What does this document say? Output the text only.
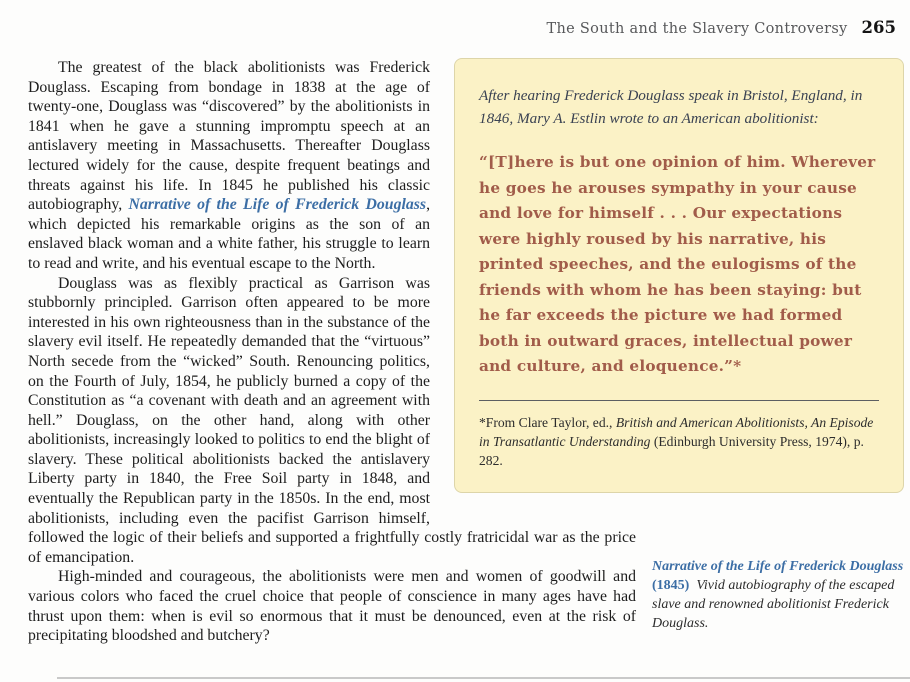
The South and the Slavery Controversy 265

After hearing Frederick Douglass speak in Bristol, England, in 1846, Mary A. Estlin wrote to an American abolitionist:

“[T]here is but one opinion of him. Wherever he goes he arouses sympathy in your cause and love for himself . . . Our expectations were highly roused by his narrative, his printed speeches, and the eulogisms of the friends with whom he has been staying: but he far exceeds the picture we had formed both in outward graces, intellectual power and culture, and eloquence.”*

*From Clare Taylor, ed., British and American Abolitionists, An Episode in Transatlantic Understanding (Edinburgh University Press, 1974), p. 282.

Narrative of the Life of Frederick Douglass (1845) Vivid autobiography of the escaped slave and renowned abolitionist Frederick Douglass.

The greatest of the black abolitionists was Frederick Douglass. Escaping from bondage in 1838 at the age of twenty-one, Douglass was “discovered” by the abolitionists in 1841 when he gave a stunning impromptu speech at an antislavery meeting in Massachusetts. Thereafter Douglass lectured widely for the cause, despite frequent beatings and threats against his life. In 1845 he published his classic autobiography, Narrative of the Life of Frederick Douglass, which depicted his remarkable origins as the son of an enslaved black woman and a white father, his struggle to learn to read and write, and his eventual escape to the North.

Douglass was as flexibly practical as Garrison was stubbornly principled. Garrison often appeared to be more interested in his own righteousness than in the substance of the slavery evil itself. He repeatedly demanded that the “virtuous” North secede from the “wicked” South. Renouncing politics, on the Fourth of July, 1854, he publicly burned a copy of the Constitution as “a covenant with death and an agreement with hell.” Douglass, on the other hand, along with other abolitionists, increasingly looked to politics to end the blight of slavery. These political abolitionists backed the antislavery Liberty party in 1840, the Free Soil party in 1848, and eventually the Republican party in the 1850s. In the end, most abolitionists, including even the pacifist Garrison himself, followed the logic of their beliefs and supported a frightfully costly fratricidal war as the price of emancipation.

High-minded and courageous, the abolitionists were men and women of goodwill and various colors who faced the cruel choice that people of conscience in many ages have had thrust upon them: when is evil so enormous that it must be denounced, even at the risk of precipitating bloodshed and butchery?
